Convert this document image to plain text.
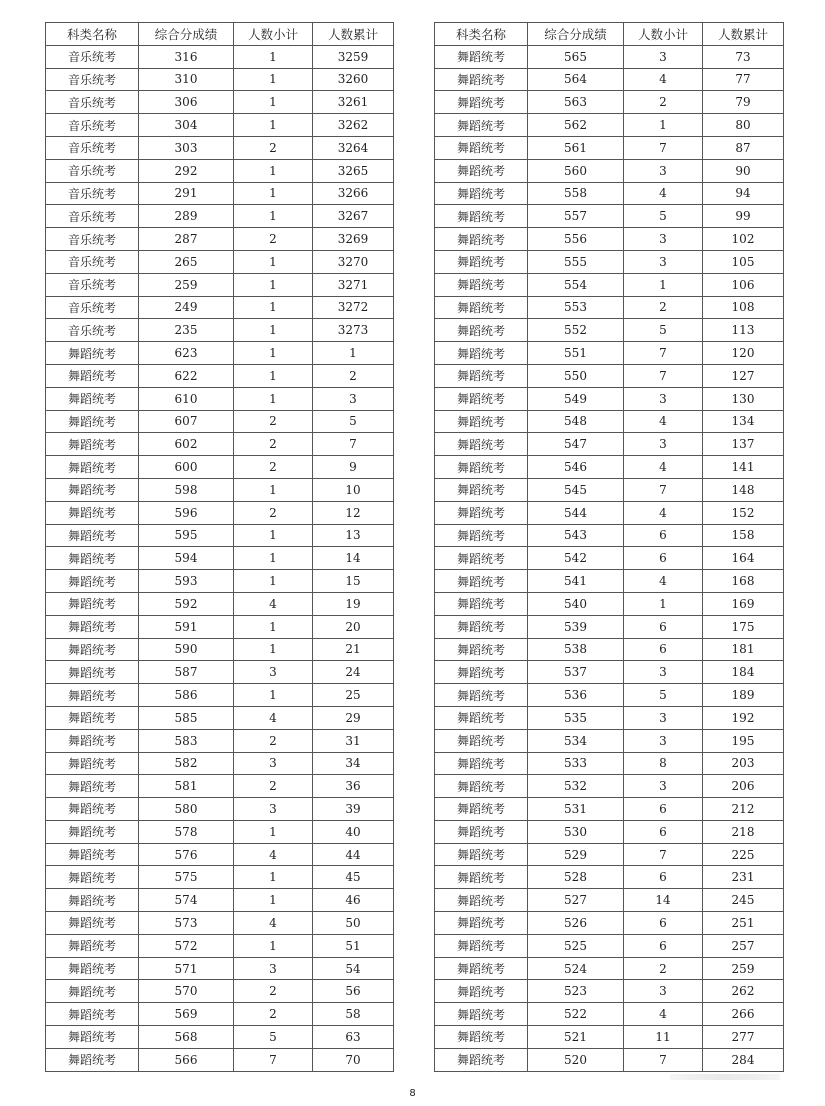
科类名称	综合分成绩	人数小计	人数累计
音乐统考	316	1	3259
音乐统考	310	1	3260
音乐统考	306	1	3261
音乐统考	304	1	3262
音乐统考	303	2	3264
音乐统考	292	1	3265
音乐统考	291	1	3266
音乐统考	289	1	3267
音乐统考	287	2	3269
音乐统考	265	1	3270
音乐统考	259	1	3271
音乐统考	249	1	3272
音乐统考	235	1	3273
舞蹈统考	623	1	1
舞蹈统考	622	1	2
舞蹈统考	610	1	3
舞蹈统考	607	2	5
舞蹈统考	602	2	7
舞蹈统考	600	2	9
舞蹈统考	598	1	10
舞蹈统考	596	2	12
舞蹈统考	595	1	13
舞蹈统考	594	1	14
舞蹈统考	593	1	15
舞蹈统考	592	4	19
舞蹈统考	591	1	20
舞蹈统考	590	1	21
舞蹈统考	587	3	24
舞蹈统考	586	1	25
舞蹈统考	585	4	29
舞蹈统考	583	2	31
舞蹈统考	582	3	34
舞蹈统考	581	2	36
舞蹈统考	580	3	39
舞蹈统考	578	1	40
舞蹈统考	576	4	44
舞蹈统考	575	1	45
舞蹈统考	574	1	46
舞蹈统考	573	4	50
舞蹈统考	572	1	51
舞蹈统考	571	3	54
舞蹈统考	570	2	56
舞蹈统考	569	2	58
舞蹈统考	568	5	63
舞蹈统考	566	7	70
科类名称	综合分成绩	人数小计	人数累计
舞蹈统考	565	3	73
舞蹈统考	564	4	77
舞蹈统考	563	2	79
舞蹈统考	562	1	80
舞蹈统考	561	7	87
舞蹈统考	560	3	90
舞蹈统考	558	4	94
舞蹈统考	557	5	99
舞蹈统考	556	3	102
舞蹈统考	555	3	105
舞蹈统考	554	1	106
舞蹈统考	553	2	108
舞蹈统考	552	5	113
舞蹈统考	551	7	120
舞蹈统考	550	7	127
舞蹈统考	549	3	130
舞蹈统考	548	4	134
舞蹈统考	547	3	137
舞蹈统考	546	4	141
舞蹈统考	545	7	148
舞蹈统考	544	4	152
舞蹈统考	543	6	158
舞蹈统考	542	6	164
舞蹈统考	541	4	168
舞蹈统考	540	1	169
舞蹈统考	539	6	175
舞蹈统考	538	6	181
舞蹈统考	537	3	184
舞蹈统考	536	5	189
舞蹈统考	535	3	192
舞蹈统考	534	3	195
舞蹈统考	533	8	203
舞蹈统考	532	3	206
舞蹈统考	531	6	212
舞蹈统考	530	6	218
舞蹈统考	529	7	225
舞蹈统考	528	6	231
舞蹈统考	527	14	245
舞蹈统考	526	6	251
舞蹈统考	525	6	257
舞蹈统考	524	2	259
舞蹈统考	523	3	262
舞蹈统考	522	4	266
舞蹈统考	521	11	277
舞蹈统考	520	7	284
8
